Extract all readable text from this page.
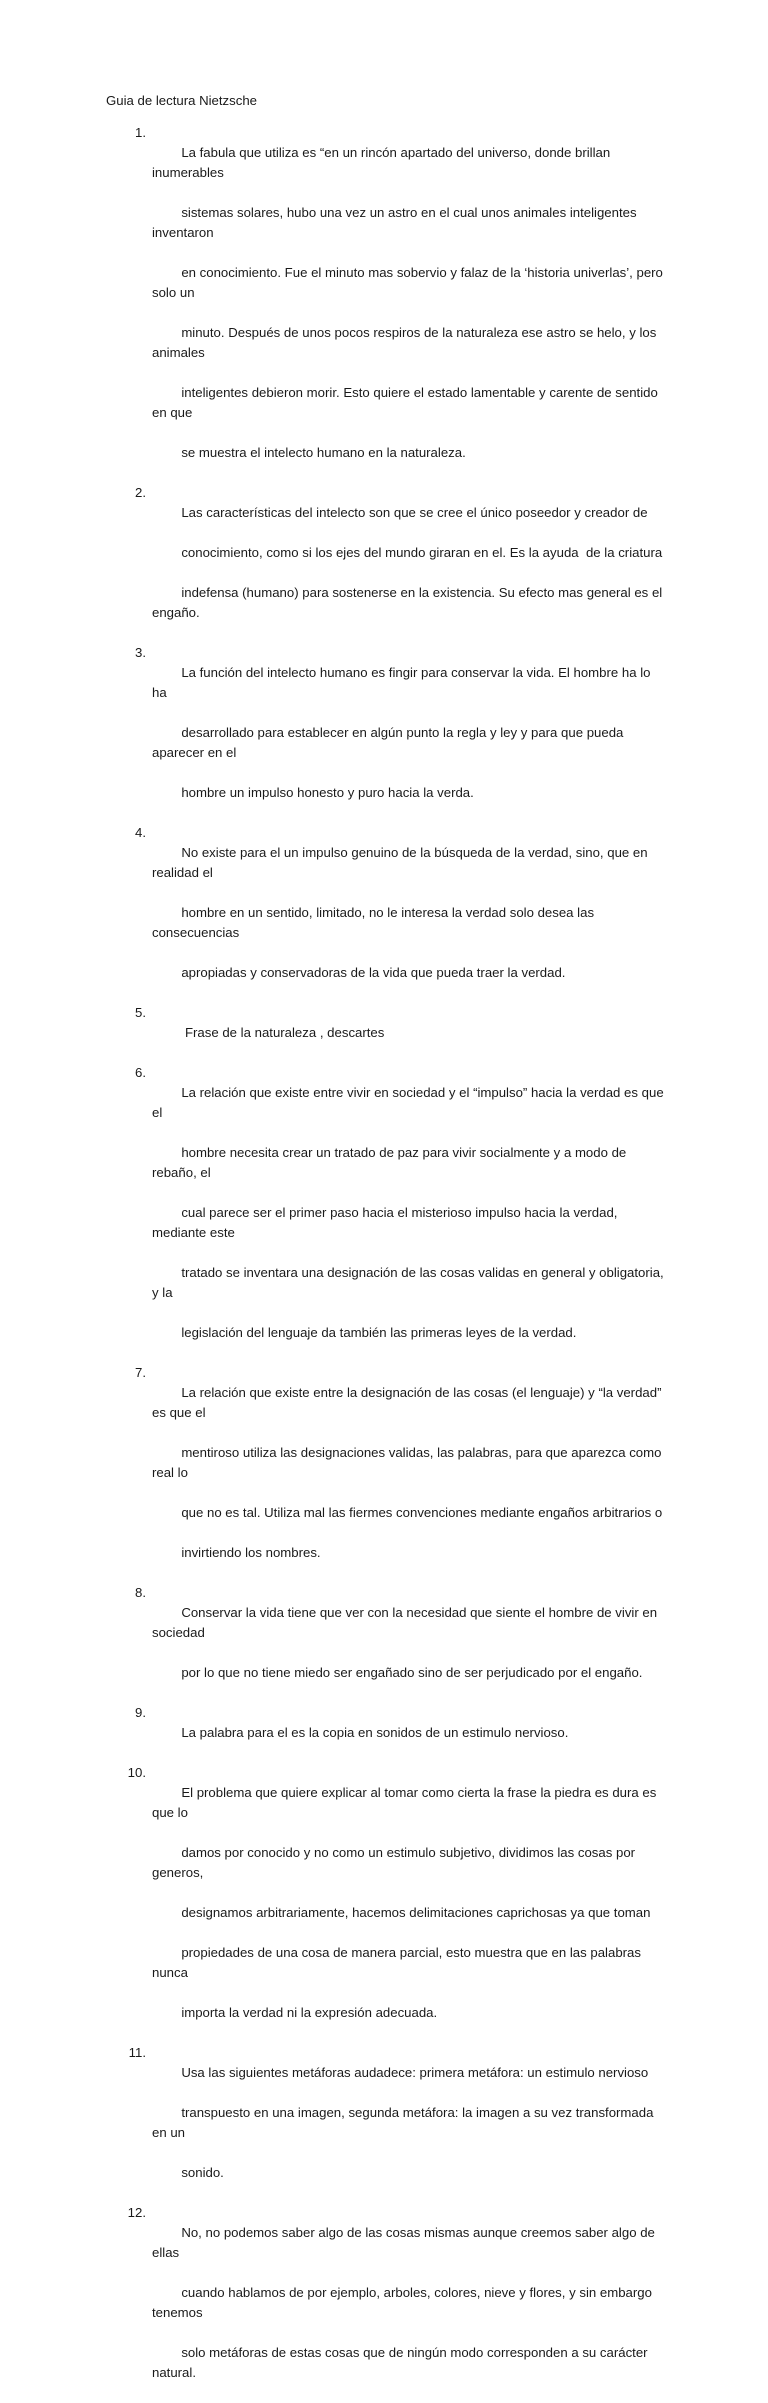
Guia de lectura Nietzsche
1.

La fabula que utiliza es “en un rincón apartado del universo, donde brillan inumerables

sistemas solares, hubo una vez un astro en el cual unos animales inteligentes inventaron

en conocimiento. Fue el minuto mas sobervio y falaz de la ‘historia univerlas’, pero solo un

minuto. Después de unos pocos respiros de la naturaleza ese astro se helo, y los animales

inteligentes debieron morir. Esto quiere el estado lamentable y carente de sentido en que

se muestra el intelecto humano en la naturaleza.

2.

Las características del intelecto son que se cree el único poseedor y creador de

conocimiento, como si los ejes del mundo giraran en el. Es la ayuda  de la criatura

indefensa (humano) para sostenerse en la existencia. Su efecto mas general es el engaño.

3.

La función del intelecto humano es fingir para conservar la vida. El hombre ha lo ha

desarrollado para establecer en algún punto la regla y ley y para que pueda aparecer en el

hombre un impulso honesto y puro hacia la verda.

4.

No existe para el un impulso genuino de la búsqueda de la verdad, sino, que en realidad el

hombre en un sentido, limitado, no le interesa la verdad solo desea las consecuencias

apropiadas y conservadoras de la vida que pueda traer la verdad.

5.

Frase de la naturaleza , descartes

6.

La relación que existe entre vivir en sociedad y el “impulso” hacia la verdad es que el

hombre necesita crear un tratado de paz para vivir socialmente y a modo de rebaño, el

cual parece ser el primer paso hacia el misterioso impulso hacia la verdad, mediante este

tratado se inventara una designación de las cosas validas en general y obligatoria, y la

legislación del lenguaje da también las primeras leyes de la verdad.

7.

La relación que existe entre la designación de las cosas (el lenguaje) y “la verdad” es que el

mentiroso utiliza las designaciones validas, las palabras, para que aparezca como real lo

que no es tal. Utiliza mal las fiermes convenciones mediante engaños arbitrarios o

invirtiendo los nombres.

8.

Conservar la vida tiene que ver con la necesidad que siente el hombre de vivir en sociedad

por lo que no tiene miedo ser engañado sino de ser perjudicado por el engaño.

9.

La palabra para el es la copia en sonidos de un estimulo nervioso.

10.

El problema que quiere explicar al tomar como cierta la frase la piedra es dura es que lo

damos por conocido y no como un estimulo subjetivo, dividimos las cosas por generos,

designamos arbitrariamente, hacemos delimitaciones caprichosas ya que toman

propiedades de una cosa de manera parcial, esto muestra que en las palabras nunca

importa la verdad ni la expresión adecuada.

11.

Usa las siguientes metáforas audadece: primera metáfora: un estimulo nervioso

transpuesto en una imagen, segunda metáfora: la imagen a su vez transformada en un

sonido.

12.

No, no podemos saber algo de las cosas mismas aunque creemos saber algo de ellas

cuando hablamos de por ejemplo, arboles, colores, nieve y flores, y sin embargo tenemos

solo metáforas de estas cosas que de ningún modo corresponden a su carácter natural.
